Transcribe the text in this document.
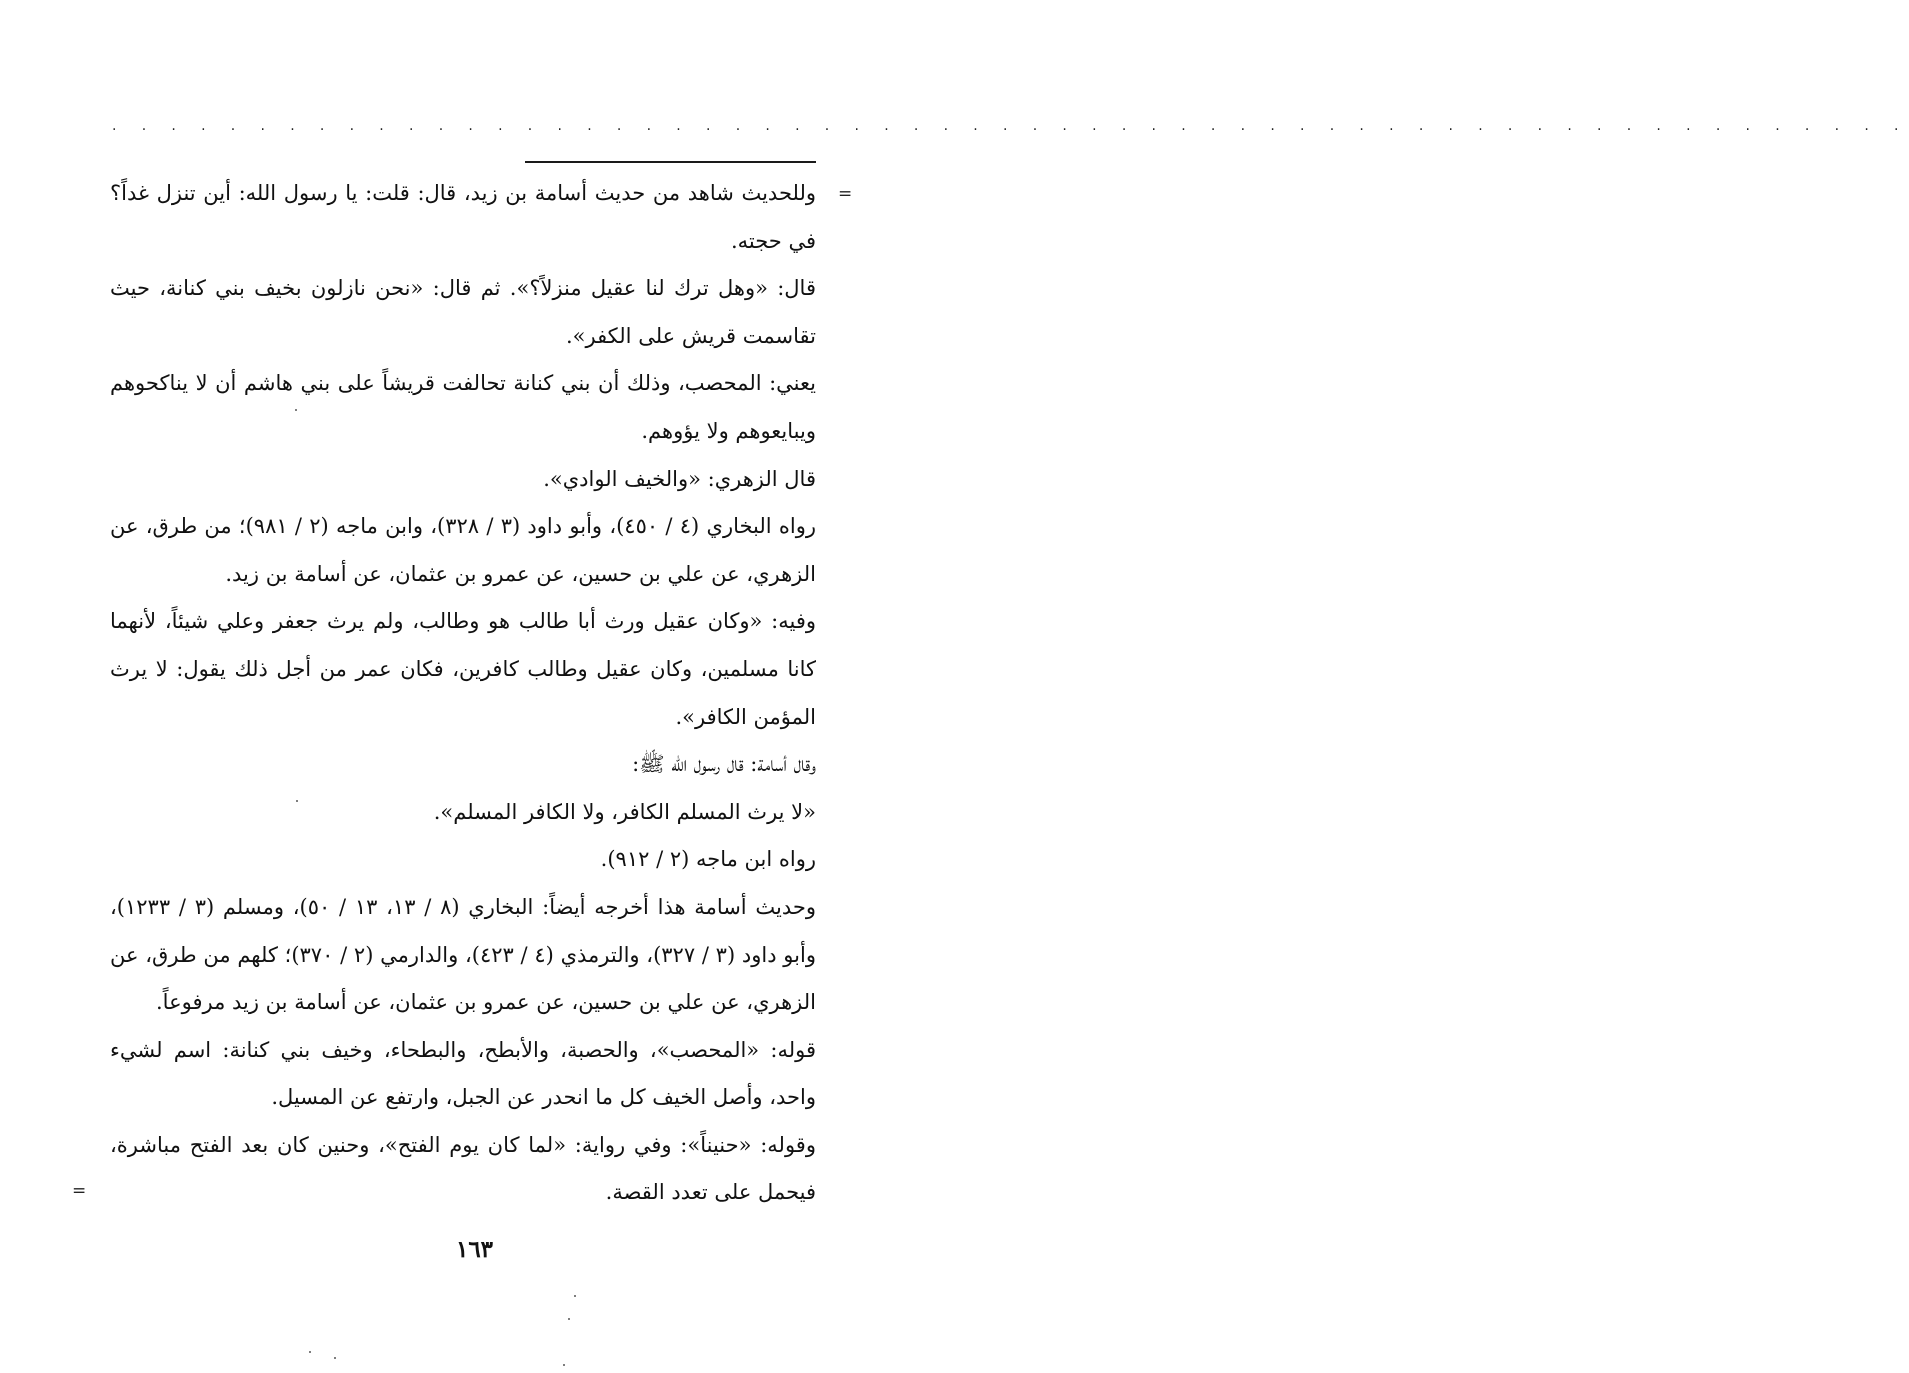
. . . . . . . . . . . . . . . . . . . . . . . . . . . . . . . . . . . . . . . . . . . . . . . . . . . . . . . . . . . . .
=
=

وللحديث شاهد من حديث أسامة بن زيد، قال: قلت: يا رسول الله: أين تنزل غداً؟ في حجته.

قال: «وهل ترك لنا عقيل منزلاً؟». ثم قال: «نحن نازلون بخيف بني كنانة، حيث تقاسمت قريش على الكفر».

يعني: المحصب، وذلك أن بني كنانة تحالفت قريشاً على بني هاشم أن لا يناكحوهم ويبايعوهم ولا يؤوهم.

قال الزهري: «والخيف الوادي».

رواه البخاري (٤ / ٤٥٠)، وأبو داود (٣ / ٣٢٨)، وابن ماجه (٢ / ٩٨١)؛ من طرق، عن الزهري، عن علي بن حسين، عن عمرو بن عثمان، عن أسامة بن زيد.

وفيه: «وكان عقيل ورث أبا طالب هو وطالب، ولم يرث جعفر وعلي شيئاً، لأنهما كانا مسلمين، وكان عقيل وطالب كافرين، فكان عمر من أجل ذلك يقول: لا يرث المؤمن الكافر».

وقال أسامة: قال رسول الله ﷺ:

«لا يرث المسلم الكافر، ولا الكافر المسلم».

رواه ابن ماجه (٢ / ٩١٢).

وحديث أسامة هذا أخرجه أيضاً: البخاري (٨ / ١٣، ١٣ / ٥٠)، ومسلم (٣ / ١٢٣٣)، وأبو داود (٣ / ٣٢٧)، والترمذي (٤ / ٤٢٣)، والدارمي (٢ / ٣٧٠)؛ كلهم من طرق، عن الزهري، عن علي بن حسين، عن عمرو بن عثمان، عن أسامة بن زيد مرفوعاً.

قوله: «المحصب»، والحصبة، والأبطح، والبطحاء، وخيف بني كنانة: اسم لشيء واحد، وأصل الخيف كل ما انحدر عن الجبل، وارتفع عن المسيل.

وقوله: «حنيناً»: وفي رواية: «لما كان يوم الفتح»، وحنين كان بعد الفتح مباشرة، فيحمل على تعدد القصة.

١٦٣
